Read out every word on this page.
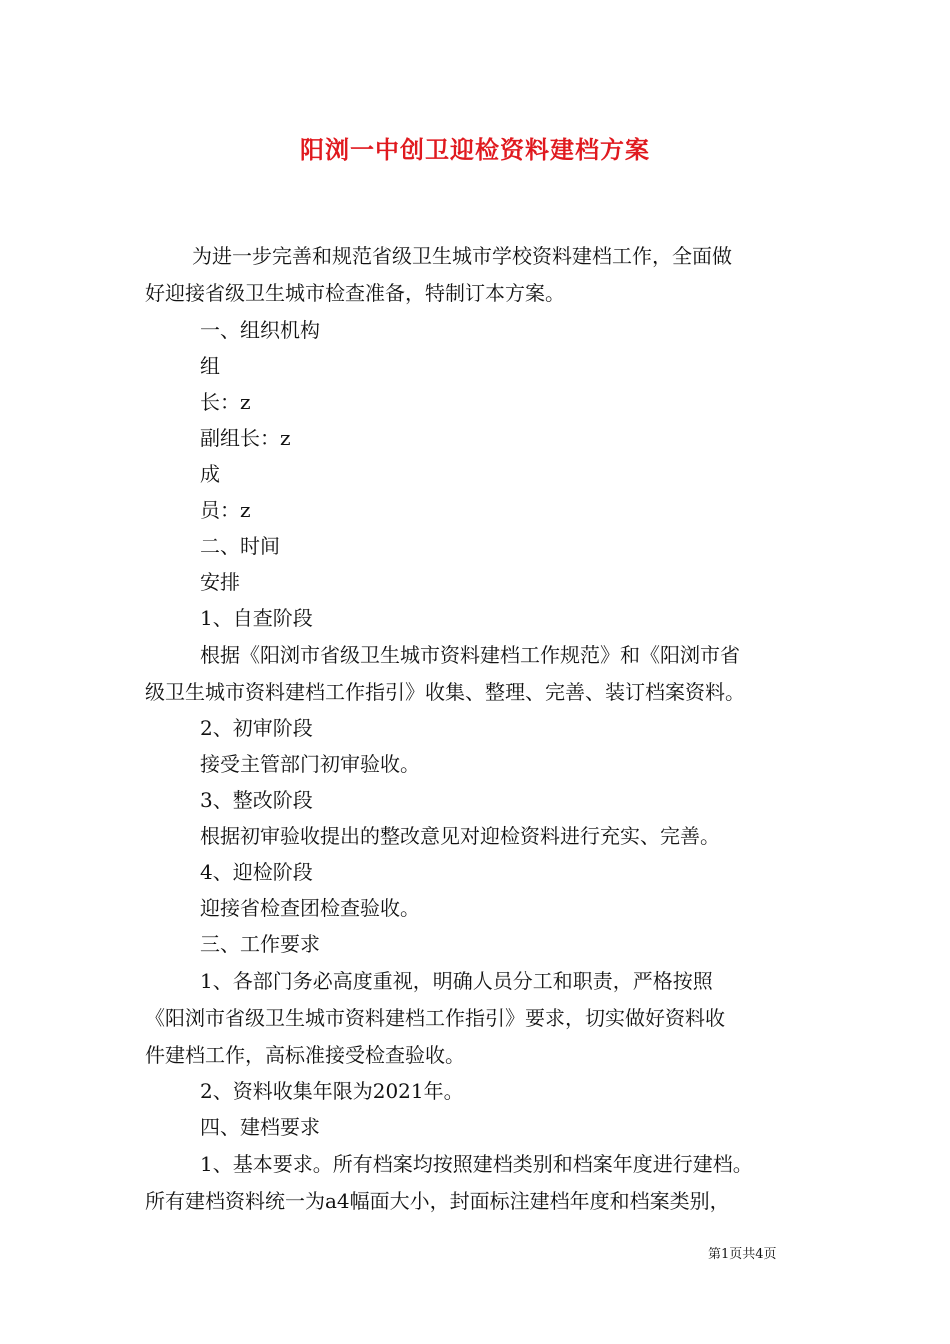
阳浏一中创卫迎检资料建档方案
为进一步完善和规范省级卫生城市学校资料建档工作，全面做
好迎接省级卫生城市检查准备，特制订本方案。
一、组织机构
组
长：z
副组长：z
成
员：z
二、时间
安排
1、自查阶段
根据《阳浏市省级卫生城市资料建档工作规范》和《阳浏市省
级卫生城市资料建档工作指引》收集、整理、完善、装订档案资料。
2、初审阶段
接受主管部门初审验收。
3、整改阶段
根据初审验收提出的整改意见对迎检资料进行充实、完善。
4、迎检阶段
迎接省检查团检查验收。
三、工作要求
1、各部门务必高度重视，明确人员分工和职责，严格按照
《阳浏市省级卫生城市资料建档工作指引》要求，切实做好资料收
件建档工作，高标准接受检查验收。
2、资料收集年限为2021年。
四、建档要求
1、基本要求。所有档案均按照建档类别和档案年度进行建档。
所有建档资料统一为a4幅面大小，封面标注建档年度和档案类别，
第1页共4页
